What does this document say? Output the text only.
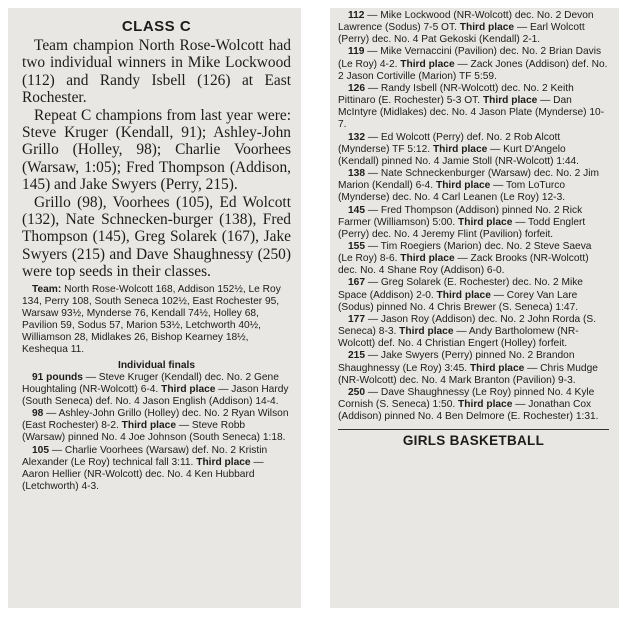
CLASS C

Team champion North Rose-Wolcott had two individual winners in Mike Lockwood (112) and Randy Isbell (126) at East Rochester.

Repeat C champions from last year were: Steve Kruger (Kendall, 91); Ashley-John Grillo (Holley, 98); Charlie Voorhees (Warsaw, 1:05); Fred Thompson (Addison, 145) and Jake Swyers (Perry, 215).

Grillo (98), Voorhees (105), Ed Wolcott (132), Nate Schnecken-burger (138), Fred Thompson (145), Greg Solarek (167), Jake Swyers (215) and Dave Shaughnessy (250) were top seeds in their classes.

Team: North Rose-Wolcott 168, Addison 152½, Le Roy 134, Perry 108, South Seneca 102½, East Rochester 95, Warsaw 93½, Mynderse 76, Kendall 74½, Holley 68, Pavilion 59, Sodus 57, Marion 53½, Letchworth 40½, Williamson 28, Midlakes 26, Bishop Kearney 18½, Keshequa 11.

Individual finals

91 pounds — Steve Kruger (Kendall) dec. No. 2 Gene Houghtaling (NR-Wolcott) 6-4. Third place — Jason Hardy (South Seneca) def. No. 4 Jason English (Addison) 14-4.

98 — Ashley-John Grillo (Holley) dec. No. 2 Ryan Wilson (East Rochester) 8-2. Third place — Steve Robb (Warsaw) pinned No. 4 Joe Johnson (South Seneca) 1:18.

105 — Charlie Voorhees (Warsaw) def. No. 2 Kristin Alexander (Le Roy) technical fall 3:11. Third place — Aaron Hellier (NR-Wolcott) dec. No. 4 Ken Hubbard (Letchworth) 4-3.

112 — Mike Lockwood (NR-Wolcott) dec. No. 2 Devon Lawrence (Sodus) 7-5 OT. Third place — Earl Wolcott (Perry) dec. No. 4 Pat Gekoski (Kendall) 2-1.

119 — Mike Vernaccini (Pavilion) dec. No. 2 Brian Davis (Le Roy) 4-2. Third place — Zack Jones (Addison) def. No. 2 Jason Cortiville (Marion) TF 5:59.

126 — Randy Isbell (NR-Wolcott) dec. No. 2 Keith Pittinaro (E. Rochester) 5-3 OT. Third place — Dan McIntyre (Midlakes) dec. No. 4 Jason Plate (Mynderse) 10-7.

132 — Ed Wolcott (Perry) def. No. 2 Rob Alcott (Mynderse) TF 5:12. Third place — Kurt D'Angelo (Kendall) pinned No. 4 Jamie Stoll (NR-Wolcott) 1:44.

138 — Nate Schneckenburger (Warsaw) dec. No. 2 Jim Marion (Kendall) 6-4. Third place — Tom LoTurco (Mynderse) dec. No. 4 Carl Leanen (Le Roy) 12-3.

145 — Fred Thompson (Addison) pinned No. 2 Rick Farmer (Williamson) 5:00. Third place — Todd Englert (Perry) dec. No. 4 Jeremy Flint (Pavilion) forfeit.

155 — Tim Roegiers (Marion) dec. No. 2 Steve Saeva (Le Roy) 8-6. Third place — Zack Brooks (NR-Wolcott) dec. No. 4 Shane Roy (Addison) 6-0.

167 — Greg Solarek (E. Rochester) dec. No. 2 Mike Space (Addison) 2-0. Third place — Corey Van Lare (Sodus) pinned No. 4 Chris Brewer (S. Seneca) 1:47.

177 — Jason Roy (Addison) dec. No. 2 John Rorda (S. Seneca) 8-3. Third place — Andy Bartholomew (NR-Wolcott) def. No. 4 Christian Engert (Holley) forfeit.

215 — Jake Swyers (Perry) pinned No. 2 Brandon Shaughnessy (Le Roy) 3:45. Third place — Chris Mudge (NR-Wolcott) dec. No. 4 Mark Branton (Pavilion) 9-3.

250 — Dave Shaughnessy (Le Roy) pinned No. 4 Kyle Cornish (S. Seneca) 1:50. Third place — Jonathan Cox (Addison) pinned No. 4 Ben Delmore (E. Rochester) 1:31.

GIRLS BASKETBALL
